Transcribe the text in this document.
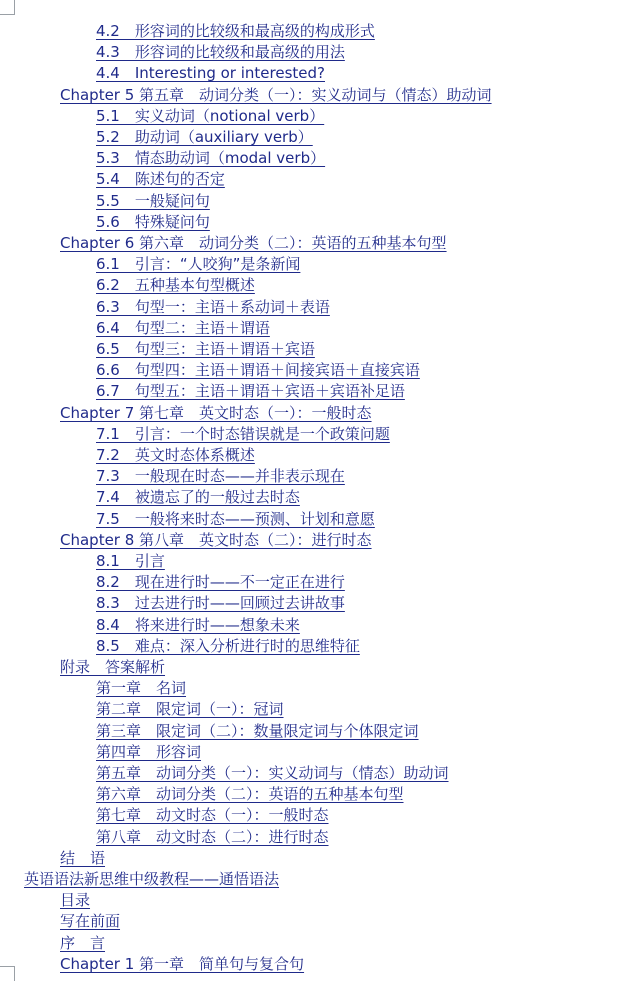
4.2　形容词的比较级和最高级的构成形式
4.3　形容词的比较级和最高级的用法
4.4　Interesting or interested?
Chapter 5 第五章　动词分类（一）：实义动词与（情态）助动词
5.1　实义动词（notional verb）
5.2　助动词（auxiliary verb）
5.3　情态助动词（modal verb）
5.4　陈述句的否定
5.5　一般疑问句
5.6　特殊疑问句
Chapter 6 第六章　动词分类（二）：英语的五种基本句型
6.1　引言：“人咬狗”是条新闻
6.2　五种基本句型概述
6.3　句型一：主语＋系动词＋表语
6.4　句型二：主语＋谓语
6.5　句型三：主语＋谓语＋宾语
6.6　句型四：主语＋谓语＋间接宾语＋直接宾语
6.7　句型五：主语＋谓语＋宾语＋宾语补足语
Chapter 7 第七章　英文时态（一）：一般时态
7.1　引言：一个时态错误就是一个政策问题
7.2　英文时态体系概述
7.3　一般现在时态——并非表示现在
7.4　被遗忘了的一般过去时态
7.5　一般将来时态——预测、计划和意愿
Chapter 8 第八章　英文时态（二）：进行时态
8.1　引言
8.2　现在进行时——不一定正在进行
8.3　过去进行时——回顾过去讲故事
8.4　将来进行时——想象未来
8.5　难点：深入分析进行时的思维特征
附录　答案解析
第一章　名词
第二章　限定词（一）：冠词
第三章　限定词（二）：数量限定词与个体限定词
第四章　形容词
第五章　动词分类（一）：实义动词与（情态）助动词
第六章　动词分类（二）：英语的五种基本句型
第七章　动文时态（一）：一般时态
第八章　动文时态（二）：进行时态
结　语
英语语法新思维中级教程——通悟语法
目录
写在前面
序　言
Chapter 1 第一章　简单句与复合句
